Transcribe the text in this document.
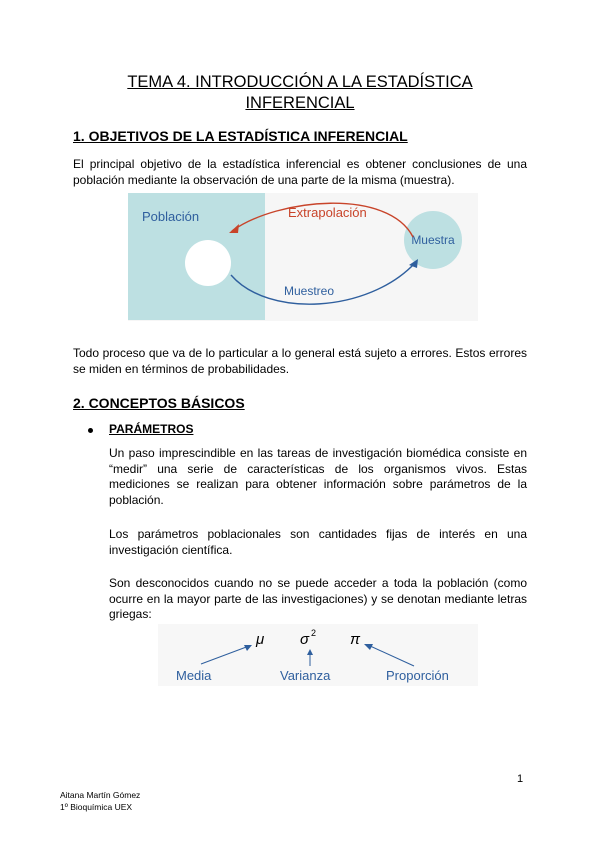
TEMA 4. INTRODUCCIÓN A LA ESTADÍSTICA
INFERENCIAL
1. OBJETIVOS DE LA ESTADÍSTICA INFERENCIAL
El principal objetivo de la estadística inferencial es obtener conclusiones de una población mediante la observación de una parte de la misma (muestra).
Población
Muestra
Extrapolación
Muestreo
Todo proceso que va de lo particular a lo general está sujeto a errores. Estos errores se miden en términos de probabilidades.
2. CONCEPTOS BÁSICOS
PARÁMETROS
Un paso imprescindible en las tareas de investigación biomédica consiste en “medir” una serie de características de los organismos vivos. Estas mediciones se realizan para obtener información sobre parámetros de la población.
Los parámetros poblacionales son cantidades fijas de interés en una investigación científica.
Son desconocidos cuando no se puede acceder a toda la población (como ocurre en la mayor parte de las investigaciones) y se denotan mediante letras griegas:
μ σ 2 π
Media	Varianza	Proporción
1
Aitana Martín Gómez
1º Bioquímica UEX
